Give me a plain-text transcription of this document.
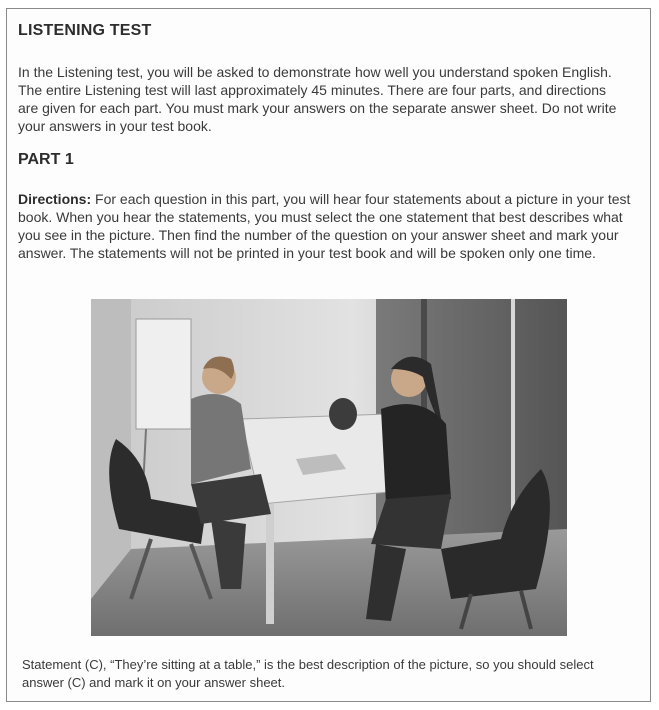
LISTENING TEST
In the Listening test, you will be asked to demonstrate how well you understand spoken English. The entire Listening test will last approximately 45 minutes. There are four parts, and directions are given for each part. You must mark your answers on the separate answer sheet. Do not write your answers in your test book.
PART 1
Directions: For each question in this part, you will hear four statements about a picture in your test book. When you hear the statements, you must select the one statement that best describes what you see in the picture. Then find the number of the question on your answer sheet and mark your answer. The statements will not be printed in your test book and will be spoken only one time.
Statement (C), “They’re sitting at a table,” is the best description of the picture, so you should select answer (C) and mark it on your answer sheet.
